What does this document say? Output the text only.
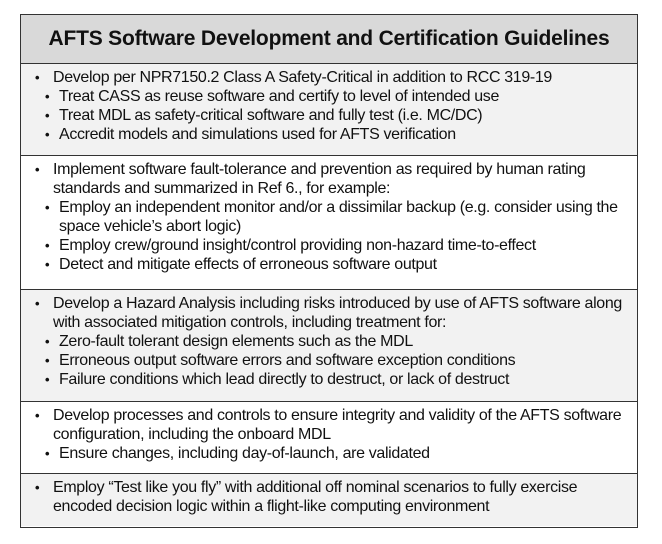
AFTS Software Development and Certification Guidelines
• Develop per NPR7150.2 Class A Safety-Critical in addition to RCC 319-19
• Treat CASS as reuse software and certify to level of intended use
• Treat MDL as safety-critical software and fully test (i.e. MC/DC)
• Accredit models and simulations used for AFTS verification
• Implement software fault-tolerance and prevention as required by human rating standards and summarized in Ref 6., for example:
• Employ an independent monitor and/or a dissimilar backup (e.g. consider using the space vehicle’s abort logic)
• Employ crew/ground insight/control providing non-hazard time-to-effect
• Detect and mitigate effects of erroneous software output
• Develop a Hazard Analysis including risks introduced by use of AFTS software along with associated mitigation controls, including treatment for:
• Zero-fault tolerant design elements such as the MDL
• Erroneous output software errors and software exception conditions
• Failure conditions which lead directly to destruct, or lack of destruct
• Develop processes and controls to ensure integrity and validity of the AFTS software configuration, including the onboard MDL
• Ensure changes, including day-of-launch, are validated
• Employ “Test like you fly” with additional off nominal scenarios to fully exercise encoded decision logic within a flight-like computing environment
